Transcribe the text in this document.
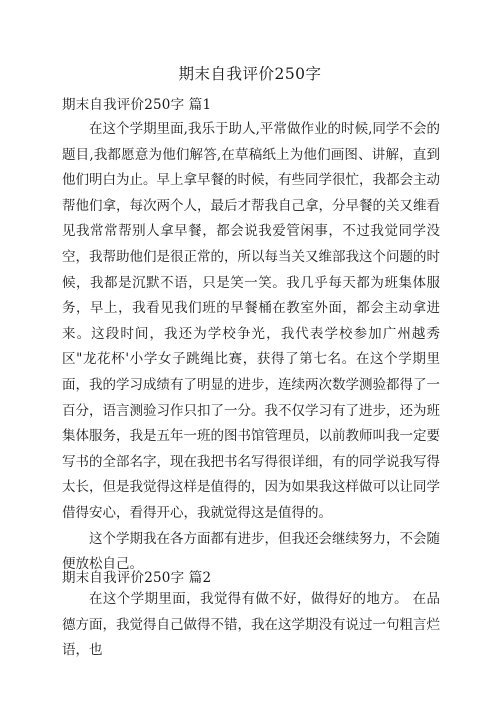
期末自我评价250字
期末自我评价250字 篇1

在这个学期里面,我乐于助人,平常做作业的时候,同学不会的题目,我都愿意为他们解答,在草稿纸上为他们画图、讲解，直到他们明白为止。早上拿早餐的时候，有些同学很忙，我都会主动帮他们拿，每次两个人，最后才帮我自己拿，分早餐的关又维看见我常常帮别人拿早餐，都会说我爱管闲事，不过我觉同学没空，我帮助他们是很正常的，所以每当关又维部我这个问题的时候，我都是沉默不语，只是笑一笑。我几乎每天都为班集体服务，早上，我看见我们班的早餐桶在教室外面，都会主动拿进来。这段时间，我还为学校争光，我代表学校参加广州越秀区"龙花杯'小学女子跳绳比赛，获得了第七名。在这个学期里面，我的学习成绩有了明显的进步，连续两次数学测验都得了一百分，语言测验习作只扣了一分。我不仅学习有了进步，还为班集体服务，我是五年一班的图书馆管理员，以前教师叫我一定要写书的全部名字，现在我把书名写得很详细，有的同学说我写得太长，但是我觉得这样是值得的，因为如果我这样做可以让同学借得安心，看得开心，我就觉得这是值得的。

这个学期我在各方面都有进步，但我还会继续努力，不会随便放松自己。

期末自我评价250字 篇2

在这个学期里面，我觉得有做不好，做得好的地方。 在品德方面，我觉得自己做得不错，我在这学期没有说过一句粗言烂语，也
